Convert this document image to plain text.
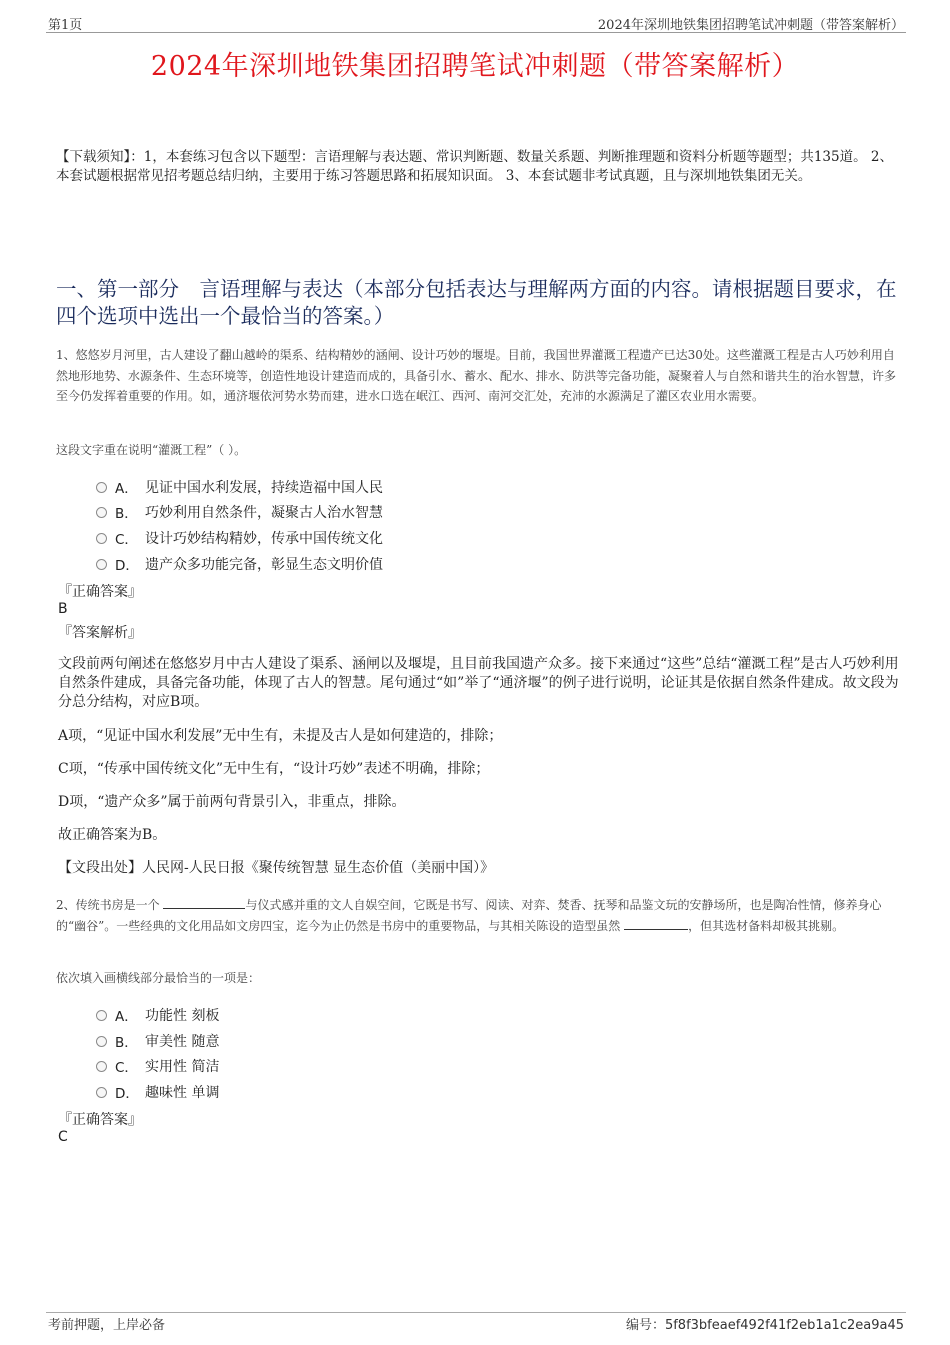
第1页	2024年深圳地铁集团招聘笔试冲刺题（带答案解析）
2024年深圳地铁集团招聘笔试冲刺题（带答案解析）
【下载须知】：1，本套练习包含以下题型：言语理解与表达题、常识判断题、数量关系题、判断推理题和资料分析题等题型；共135道。 2、本套试题根据常见招考题总结归纳，主要用于练习答题思路和拓展知识面。 3、本套试题非考试真题，且与深圳地铁集团无关。
一、第一部分　言语理解与表达（本部分包括表达与理解两方面的内容。请根据题目要求，在四个选项中选出一个最恰当的答案。）
1、悠悠岁月河里，古人建设了翻山越岭的渠系、结构精妙的涵闸、设计巧妙的堰堤。目前，我国世界灌溉工程遗产已达30处。这些灌溉工程是古人巧妙利用自然地形地势、水源条件、生态环境等，创造性地设计建造而成的，具备引水、蓄水、配水、排水、防洪等完备功能，凝聚着人与自然和谐共生的治水智慧，许多至今仍发挥着重要的作用。如，通济堰依河势水势而建，进水口选在岷江、西河、南河交汇处，充沛的水源满足了灌区农业用水需要。
这段文字重在说明“灌溉工程”（ ）。
A． 见证中国水利发展，持续造福中国人民
B． 巧妙利用自然条件，凝聚古人治水智慧
C． 设计巧妙结构精妙，传承中国传统文化
D． 遗产众多功能完备，彰显生态文明价值
『正确答案』
B
『答案解析』
文段前两句阐述在悠悠岁月中古人建设了渠系、涵闸以及堰堤，且目前我国遗产众多。接下来通过“这些”总结“灌溉工程”是古人巧妙利用自然条件建成，具备完备功能，体现了古人的智慧。尾句通过“如”举了“通济堰”的例子进行说明，论证其是依据自然条件建成。故文段为分总分结构，对应B项。
A项，“见证中国水利发展”无中生有，未提及古人是如何建造的，排除；
C项，“传承中国传统文化”无中生有，“设计巧妙”表述不明确，排除；
D项，“遗产众多”属于前两句背景引入，非重点，排除。
故正确答案为B。
【文段出处】人民网-人民日报《聚传统智慧 显生态价值（美丽中国）》
2、传统书房是一个	与仪式感并重的文人自娱空间，它既是书写、阅读、对弈、焚香、抚琴和品鉴文玩的安静场所，也是陶冶性情，修养身心的“幽谷”。一些经典的文化用品如文房四宝，迄今为止仍然是书房中的重要物品，与其相关陈设的造型虽然	，但其选材备料却极其挑剔。
依次填入画横线部分最恰当的一项是：
A． 功能性 刻板
B． 审美性 随意
C． 实用性 简洁
D． 趣味性 单调
『正确答案』
C
考前押题，上岸必备	编号：5f8f3bfeaef492f41f2eb1a1c2ea9a45
